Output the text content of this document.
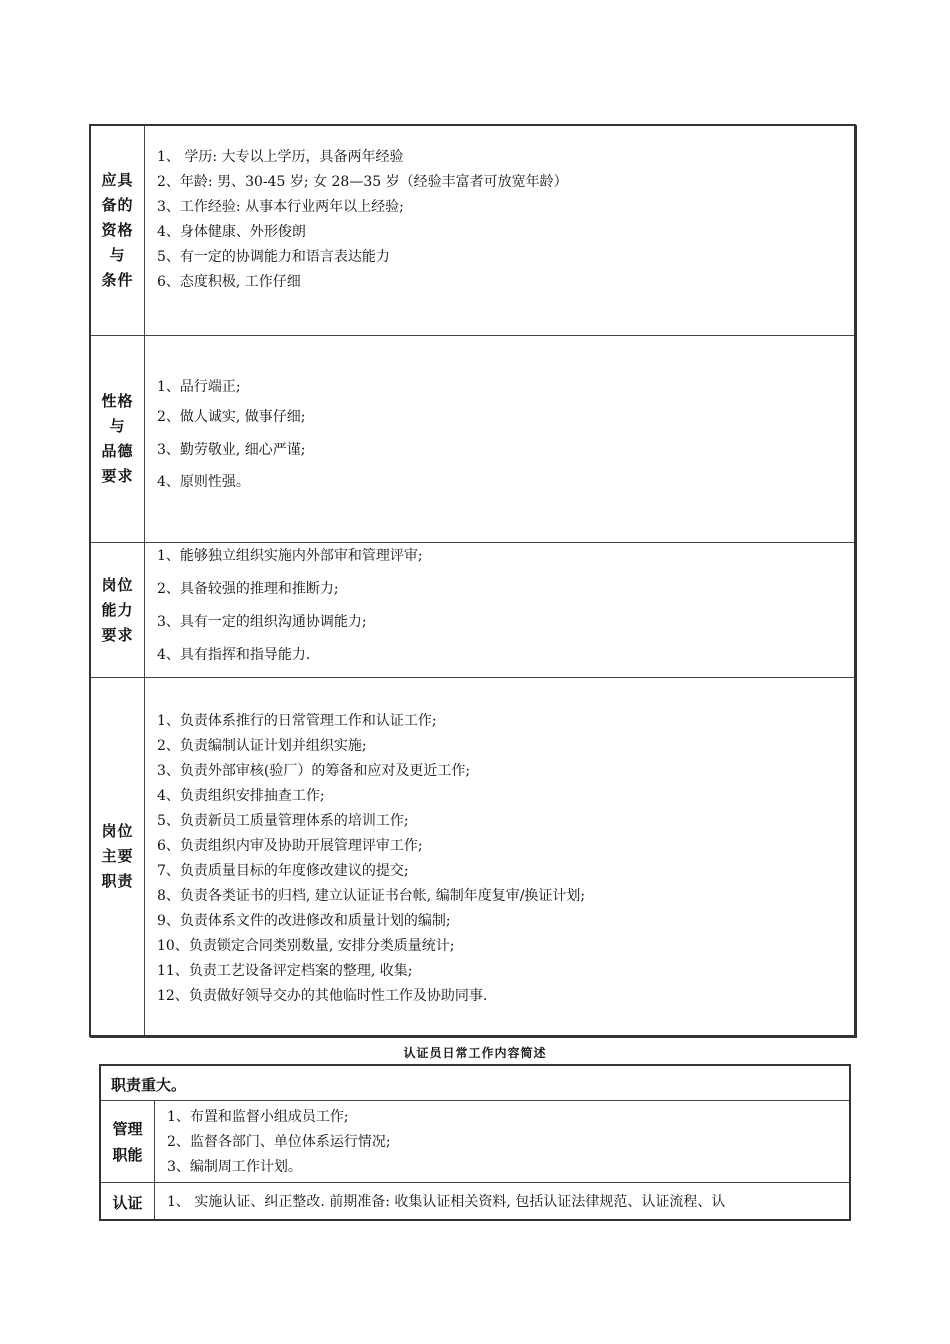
应具
备的
资格
与
条件
1、 学历: 大专以上学历，具备两年经验
2、年龄: 男、30-45 岁; 女 28—35 岁（经验丰富者可放宽年龄）
3、工作经验: 从事本行业两年以上经验;
4、身体健康、外形俊朗
5、有一定的协调能力和语言表达能力
6、态度积极, 工作仔细
性格
与
品德
要求
1、品行端正;
2、做人诚实, 做事仔细;
3、勤劳敬业, 细心严谨;
4、原则性强。
岗位
能力
要求
1、能够独立组织实施内外部审和管理评审;
2、具备较强的推理和推断力;
3、具有一定的组织沟通协调能力;
4、具有指挥和指导能力.
岗位
主要
职责
1、负责体系推行的日常管理工作和认证工作;
2、负责编制认证计划并组织实施;
3、负责外部审核(验厂）的筹备和应对及更近工作;
4、负责组织安排抽查工作;
5、负责新员工质量管理体系的培训工作;
6、负责组织内审及协助开展管理评审工作;
7、负责质量目标的年度修改建议的提交;
8、负责各类证书的归档, 建立认证证书台帐, 编制年度复审/换证计划;
9、负责体系文件的改进修改和质量计划的编制;
10、负责锁定合同类别数量, 安排分类质量统计;
11、负责工艺设备评定档案的整理, 收集;
12、负责做好领导交办的其他临时性工作及协助同事.
认证员日常工作内容简述
职责重大。
管理
职能
1、布置和监督小组成员工作;
2、监督各部门、单位体系运行情况;
3、编制周工作计划。
认证 1、 实施认证、纠正整改. 前期准备: 收集认证相关资料, 包括认证法律规范、认证流程、认
